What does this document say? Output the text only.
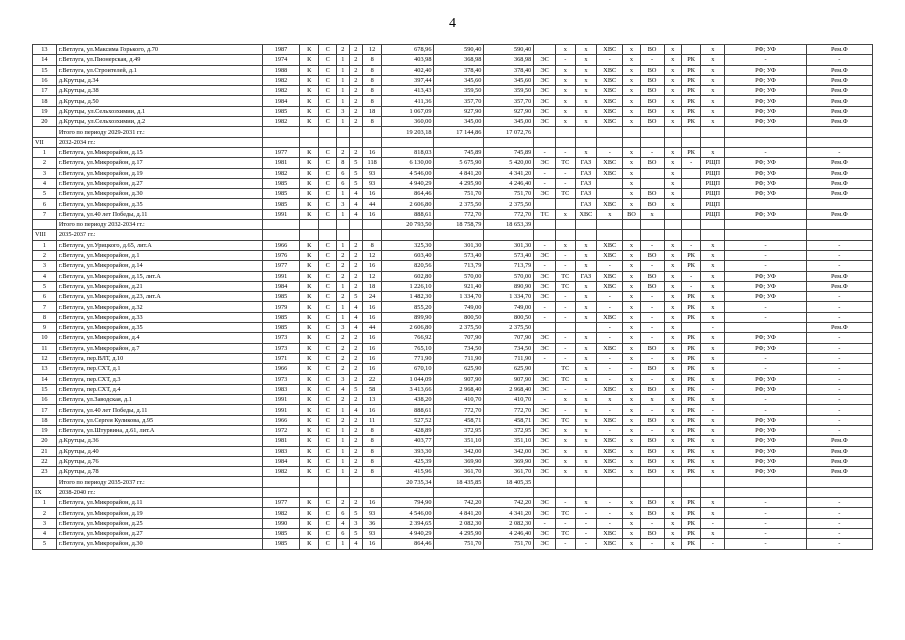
4
13	г.Ветлуга, ул.Максима Горького, д.70	1987	К	С	2	2	12	678,96	590,40	590,40		х	х	ХВС	х	ВО	х		х	РФ; УФ	Рем.Ф
14	г.Ветлуга, ул.Пионерская, д.49	1974	К	С	1	2	8	403,98	368,98	368,98	ЭС	-	х	-	х	-	х	РК	х	-	-
15	г.Ветлуга, ул.Строителей, д.1	1988	К	С	1	2	8	402,40	378,40	378,40	ЭС	х	х	ХВС	х	ВО	х	РК	х	РФ; УФ	Рем.Ф
16	д.Крутцы, д.34	1982	К	С	1	2	8	397,44	345,60	345,60	ЭС	х	х	ХВС	х	ВО	х	РК	х	РФ; УФ	Рем.Ф
17	д.Крутцы, д.38	1982	К	С	1	2	8	413,43	359,50	359,50	ЭС	х	х	ХВС	х	ВО	х	РК	х	РФ; УФ	Рем.Ф
18	д.Крутцы, д.50	1984	К	С	1	2	8	411,36	357,70	357,70	ЭС	х	х	ХВС	х	ВО	х	РК	х	РФ; УФ	Рем.Ф
19	д.Крутцы, ул.Сельхозхимии, д.1	1985	К	С	3	2	18	1 067,09	927,90	927,90	ЭС	х	х	ХВС	х	ВО	х	РК	х	РФ; УФ	Рем.Ф
20	д.Крутцы, ул.Сельхозхимии, д.2	1982	К	С	1	2	8	360,00	345,00	345,00	ЭС	х	х	ХВС	х	ВО	х	РК	х	РФ; УФ	Рем.Ф
	Итого по периоду 2029-2031 гг.:							19 203,18	17 144,86	17 072,76											
VII	2032-2034 гг.:																				
1	г.Ветлуга, ул.Микрорайон, д.15	1977	К	С	2	2	16	818,03	745,89	745,89	-	-	х	-	х	-	х	РК	х	-	-
2	г.Ветлуга, ул.Микрорайон, д.17	1981	К	С	8	5	118	6 130,00	5 675,90	5 420,00	ЭС	ТС	ГАЗ	ХВС	х	ВО	х	-	РЩП	РФ; УФ	Рем.Ф
3	г.Ветлуга, ул.Микрорайон, д.19	1982	К	С	6	5	93	4 546,00	4 841,20	4 341,20	-	-	ГАЗ	ХВС	х		х		РЩП	РФ; УФ	Рем.Ф
4	г.Ветлуга, ул.Микрорайон, д.27	1985	К	С	6	5	93	4 940,29	4 295,90	4 246,40	-	-	ГАЗ		х		х		РЩП	РФ; УФ	Рем.Ф
5	г.Ветлуга, ул.Микрорайон, д.30	1985	К	С	1	4	16	864,46	751,70	751,70	ЭС	ТС	ГАЗ		х	ВО	х		РЩП	РФ; УФ	Рем.Ф
6	г.Ветлуга, ул.Микрорайон, д.35	1985	К	С	3	4	44	2 606,80	2 375,50	2 375,50			ГАЗ	ХВС	х	ВО	х		РЩП		
7	г.Ветлуга, ул.40 лет Победы, д.11	1991	К	С	1	4	16	888,61	772,70	772,70	ТС	х	ХВС	х	ВО	х			РЩП	РФ; УФ	Рем.Ф
	Итого по периоду 2032-2034 гг.:							20 793,50	18 758,79	18 653,39											
VIII	2035-2037 гг.:																				
1	г.Ветлуга, ул.Урицкого, д.65, лит.А	1966	К	С	1	2	8	325,30	301,30	301,30	-	х	х	ХВС	х	-	х	-	х	-	-
2	г.Ветлуга, ул.Микрорайон, д.1	1976	К	С	2	2	12	603,40	573,40	573,40	ЭС	-	х	ХВС	х	ВО	х	РК	х	-	-
3	г.Ветлуга, ул.Микрорайон, д.14	1977	К	С	2	2	16	820,56	713,79	713,79	-	-	х	-	х	-	х	РК	х	-	-
4	г.Ветлуга, ул.Микрорайон, д.15, лит.А	1991	К	С	2	2	12	602,80	570,00	570,00	ЭС	ТС	ГАЗ	ХВС	х	ВО	х	-	х	РФ; УФ	Рем.Ф
5	г.Ветлуга, ул.Микрорайон, д.21	1984	К	С	1	2	18	1 226,10	921,40	890,90	ЭС	ТС	х	ХВС	х	ВО	х	-	х	РФ; УФ	Рем.Ф
6	г.Ветлуга, ул.Микрорайон, д.23, лит.А	1985	К	С	2	5	24	1 482,30	1 334,70	1 334,70	ЭС	-	х	-	х	-	х	РК	х	РФ; УФ	-
7	г.Ветлуга, ул.Микрорайон, д.32	1979	К	С	1	4	16	855,20	749,00	749,00	-	-	х	-	х	-	х	РК	х	-	-
8	г.Ветлуга, ул.Микрорайон, д.33	1985	К	С	1	4	16	899,90	800,50	800,50	-	-	х	ХВС	х	-	х	РК	х	-	-
9	г.Ветлуга, ул.Микрорайон, д.35	1985	К	С	3	4	44	2 606,80	2 375,50	2 375,50				-	х	-	х		-		Рем.Ф
10	г.Ветлуга, ул.Микрорайон, д.4	1973	К	С	2	2	16	766,92	707,90	707,90	ЭС	-	х	-	х	-	х	РК	х	РФ; УФ	-
11	г.Ветлуга, ул.Микрорайон, д.7	1973	К	С	2	2	16	765,10	734,50	734,50	ЭС	-	х	ХВС	х	ВО	х	РК	х	РФ; УФ	-
12	г.Ветлуга, пер.ВЛТ, д.10	1971	К	С	2	2	16	771,90	711,90	711,90	-	-	х	-	х	-	х	РК	х	-	-
13	г.Ветлуга, пер.СХТ, д.1	1966	К	С	2	2	16	670,10	625,90	625,90		ТС	х	-	-	ВО	х	РК	х	-	-
14	г.Ветлуга, пер.СХТ, д.3	1973	К	С	3	2	22	1 044,09	907,90	907,90	ЭС	ТС	х	-	х	-	х	РК	х	РФ; УФ	-
15	г.Ветлуга, пер.СХТ, д.4	1983	К	С	4	5	58	3 413,66	2 968,40	2 968,40	ЭС	-	-	ХВС	х	ВО	х	РК	-	РФ; УФ	-
16	г.Ветлуга, ул.Заводская, д.1	1991	К	С	2	2	13	438,20	410,70	410,70	-	х	х	х	х	х	х	РК	х	-	-
17	г.Ветлуга, ул.40 лет Победы, д.11	1991	К	С	1	4	16	888,61	772,70	772,70	ЭС	-	х	-	х	-	х	РК	-	-	-
18	г.Ветлуга, ул.Сергея Куликова, д.95	1966	К	С	2	2	11	527,52	458,71	458,71	ЭС	ТС	х	ХВС	х	ВО	х	РК	х	РФ; УФ	-
19	г.Ветлуга, ул.Штурвина, д.61, лит.А	1972	К	С	1	2	8	428,89	372,95	372,95	ЭС	х	х	-	х	-	х	РК	х	РФ; УФ	-
20	д.Крутцы, д.36	1981	К	С	1	2	8	403,77	351,10	351,10	ЭС	х	х	ХВС	х	ВО	х	РК	х	РФ; УФ	Рем.Ф
21	д.Крутцы, д.40	1983	К	С	1	2	8	393,30	342,00	342,00	ЭС	х	х	ХВС	х	ВО	х	РК	х	РФ; УФ	Рем.Ф
22	д.Крутцы, д.76	1984	К	С	1	2	8	425,39	369,90	369,90	ЭС	х	х	ХВС	х	ВО	х	РК	х	РФ; УФ	Рем.Ф
23	д.Крутцы, д.78	1982	К	С	1	2	8	415,96	361,70	361,70	ЭС	х	х	ХВС	х	ВО	х	РК	х	РФ; УФ	Рем.Ф
	Итого по периоду 2035-2037 гг.:							20 735,34	18 435,85	18 405,35											
IX	2038-2040 гг.:																				
1	г.Ветлуга, ул.Микрорайон, д.11	1977	К	С	2	2	16	794,90	742,20	742,20	ЭС	-	х	-	х	ВО	х	РК	х	-	-
2	г.Ветлуга, ул.Микрорайон, д.19	1982	К	С	6	5	93	4 546,00	4 841,20	4 341,20	ЭС	ТС	-	-	х	ВО	х	РК	х	-	-
3	г.Ветлуга, ул.Микрорайон, д.25	1990	К	С	4	3	36	2 394,65	2 082,30	2 082,30	-	-	-	-	х	-	х	РК	-	-	-
4	г.Ветлуга, ул.Микрорайон, д.27	1985	К	С	6	5	93	4 940,29	4 295,90	4 246,40	ЭС	ТС	-	ХВС	х	ВО	х	РК	х	-	-
5	г.Ветлуга, ул.Микрорайон, д.30	1985	К	С	1	4	16	864,46	751,70	751,70	ЭС	-	-	ХВС	х	-	х	РК	-	-	-
